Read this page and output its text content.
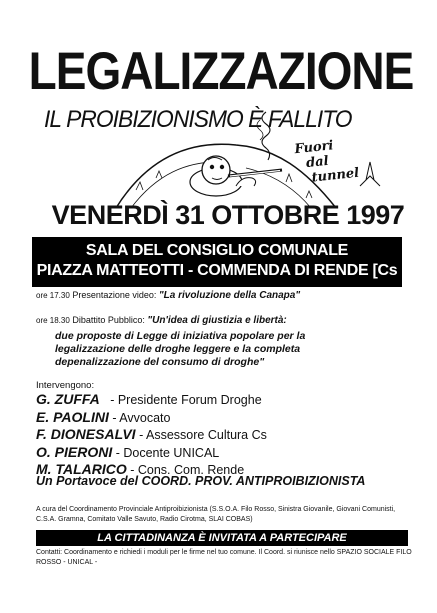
LEGALIZZAZIONE
IL PROIBIZIONISMO È FALLITO
Fuori
dal
tunnel
VENERDÌ 31 OTTOBRE 1997
SALA DEL CONSIGLIO COMUNALE
PIAZZA MATTEOTTI - COMMENDA DI RENDE [Cs
ore 17.30 Presentazione video: "La rivoluzione della Canapa"
ore 18.30 Dibattito Pubblico: "Un'idea di giustizia e libertà:
due proposte di Legge di iniziativa popolare per la
legalizzazione delle droghe leggere e la completa
depenalizzazione del consumo di droghe"
Intervengono:
G. ZUFFA - Presidente Forum Droghe
E. PAOLINI - Avvocato
F. DIONESALVI - Assessore Cultura Cs
O. PIERONI - Docente UNICAL
M. TALARICO - Cons. Com. Rende
Un Portavoce del COORD. PROV. ANTIPROIBIZIONISTA
A cura del Coordinamento Provinciale Antiproibizionista (S.S.O.A. Filo Rosso, Sinistra Giovanile, Giovani Comunisti, C.S.A. Gramna, Comitato Valle Savuto, Radio Cirotma, SLAI COBAS)
LA CITTADINANZA È INVITATA A PARTECIPARE
Contatti: Coordinamento e richiedi i moduli per le firme nel tuo comune. Il Coord. si riunisce nello SPAZIO SOCIALE FILO ROSSO - UNICAL -
